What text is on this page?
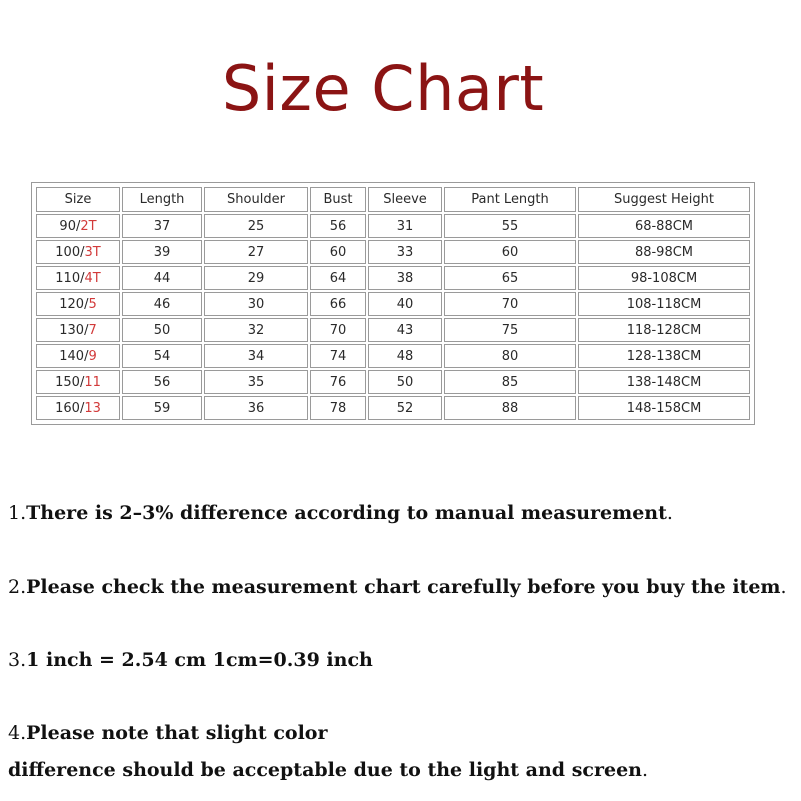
Size Chart
Size	Length	Shoulder	Bust	Sleeve	Pant Length	Suggest Height
90/2T	37	25	56	31	55	68-88CM
100/3T	39	27	60	33	60	88-98CM
110/4T	44	29	64	38	65	98-108CM
120/5	46	30	66	40	70	108-118CM
130/7	50	32	70	43	75	118-128CM
140/9	54	34	74	48	80	128-138CM
150/11	56	35	76	50	85	138-148CM
160/13	59	36	78	52	88	148-158CM
1.There is 2–3% difference according to manual measurement.
2.Please check the measurement chart carefully before you buy the item.
3.1 inch = 2.54 cm 1cm=0.39 inch
4.Please note that slight color
difference should be acceptable due to the light and screen.
